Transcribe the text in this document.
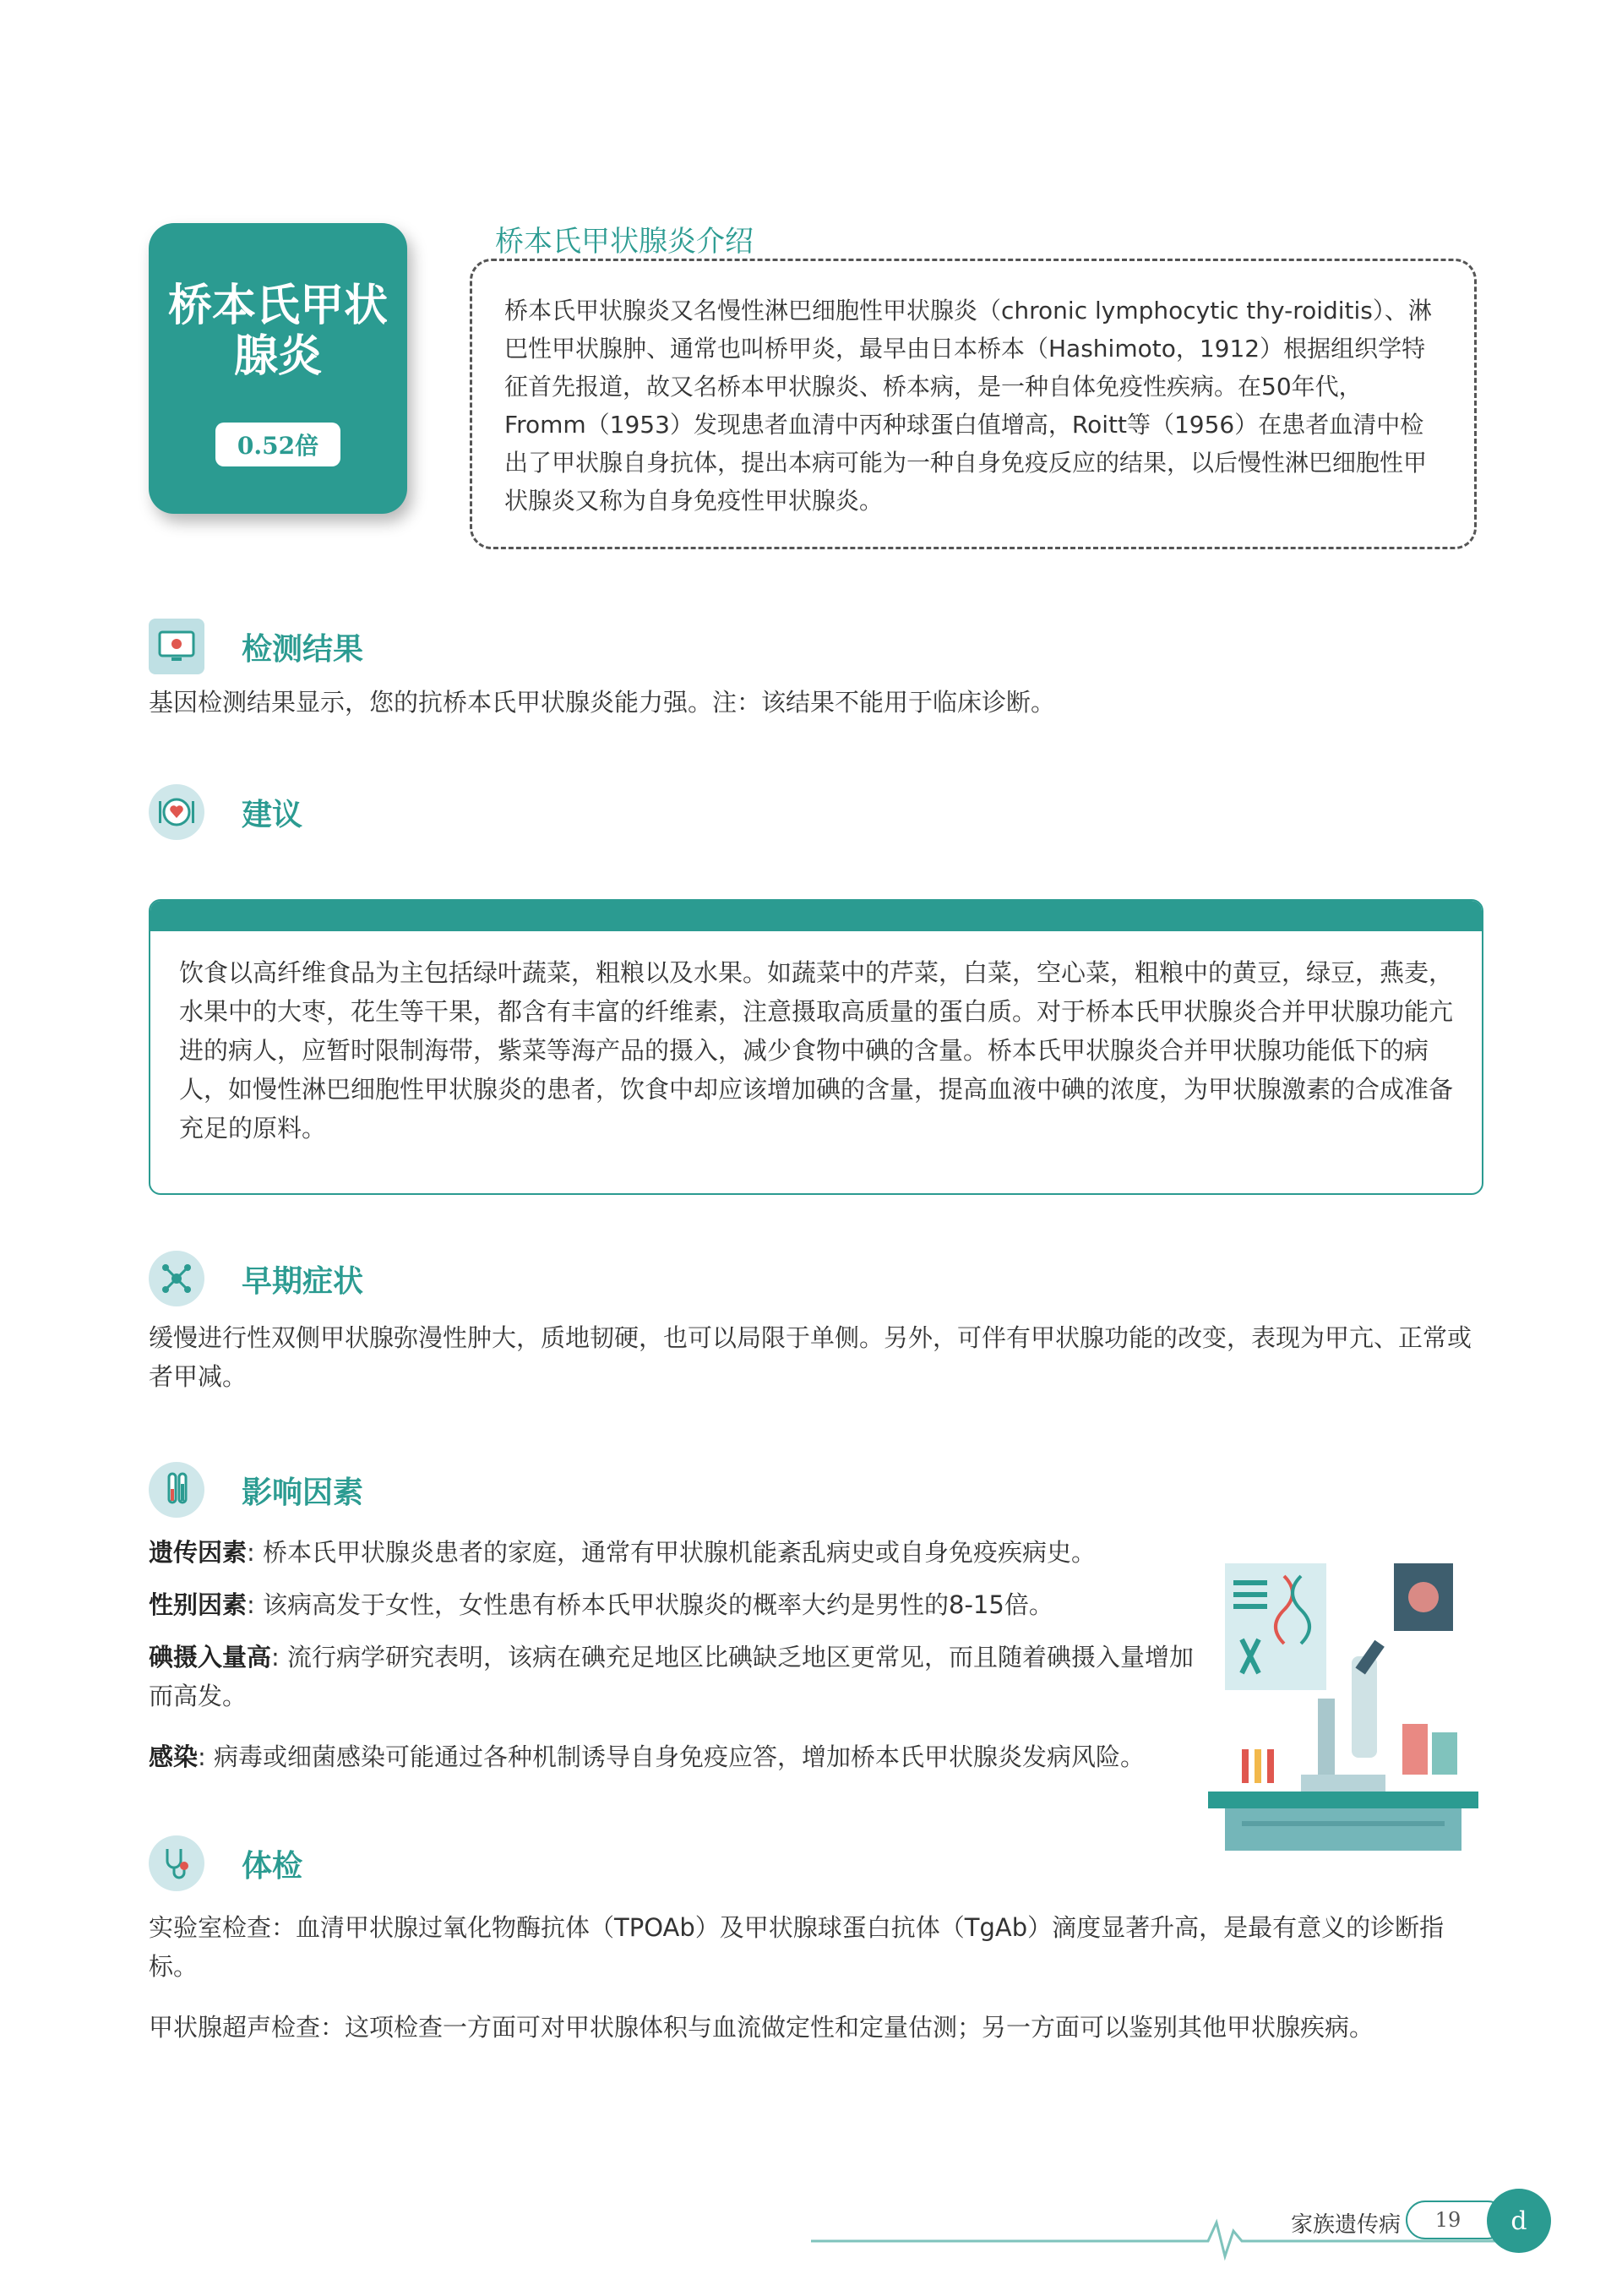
桥本氏甲状腺炎
0.52倍
桥本氏甲状腺炎介绍
桥本氏甲状腺炎又名慢性淋巴细胞性甲状腺炎（chronic lymphocytic thy-roiditis）、淋巴性甲状腺肿、通常也叫桥甲炎，最早由日本桥本（Hashimoto，1912）根据组织学特征首先报道，故又名桥本甲状腺炎、桥本病，是一种自体免疫性疾病。在50年代，Fromm（1953）发现患者血清中丙种球蛋白值增高，Roitt等（1956）在患者血清中检出了甲状腺自身抗体，提出本病可能为一种自身免疫反应的结果，以后慢性淋巴细胞性甲状腺炎又称为自身免疫性甲状腺炎。
检测结果
基因检测结果显示，您的抗桥本氏甲状腺炎能力强。注：该结果不能用于临床诊断。
建议
饮食以高纤维食品为主包括绿叶蔬菜，粗粮以及水果。如蔬菜中的芹菜，白菜，空心菜，粗粮中的黄豆，绿豆，燕麦，水果中的大枣，花生等干果，都含有丰富的纤维素，注意摄取高质量的蛋白质。对于桥本氏甲状腺炎合并甲状腺功能亢进的病人，应暂时限制海带，紫菜等海产品的摄入，减少食物中碘的含量。桥本氏甲状腺炎合并甲状腺功能低下的病人，如慢性淋巴细胞性甲状腺炎的患者，饮食中却应该增加碘的含量，提高血液中碘的浓度，为甲状腺激素的合成准备充足的原料。
早期症状
缓慢进行性双侧甲状腺弥漫性肿大，质地韧硬，也可以局限于单侧。另外，可伴有甲状腺功能的改变，表现为甲亢、正常或者甲减。
影响因素
遗传因素: 桥本氏甲状腺炎患者的家庭，通常有甲状腺机能紊乱病史或自身免疫疾病史。
性别因素: 该病高发于女性，女性患有桥本氏甲状腺炎的概率大约是男性的8-15倍。
碘摄入量高: 流行病学研究表明，该病在碘充足地区比碘缺乏地区更常见，而且随着碘摄入量增加而高发。
感染: 病毒或细菌感染可能通过各种机制诱导自身免疫应答，增加桥本氏甲状腺炎发病风险。
体检
实验室检查：血清甲状腺过氧化物酶抗体（TPOAb）及甲状腺球蛋白抗体（TgAb）滴度显著升高，是最有意义的诊断指标。
甲状腺超声检查：这项检查一方面可对甲状腺体积与血流做定性和定量估测；另一方面可以鉴别其他甲状腺疾病。
家族遗传病	19	d
